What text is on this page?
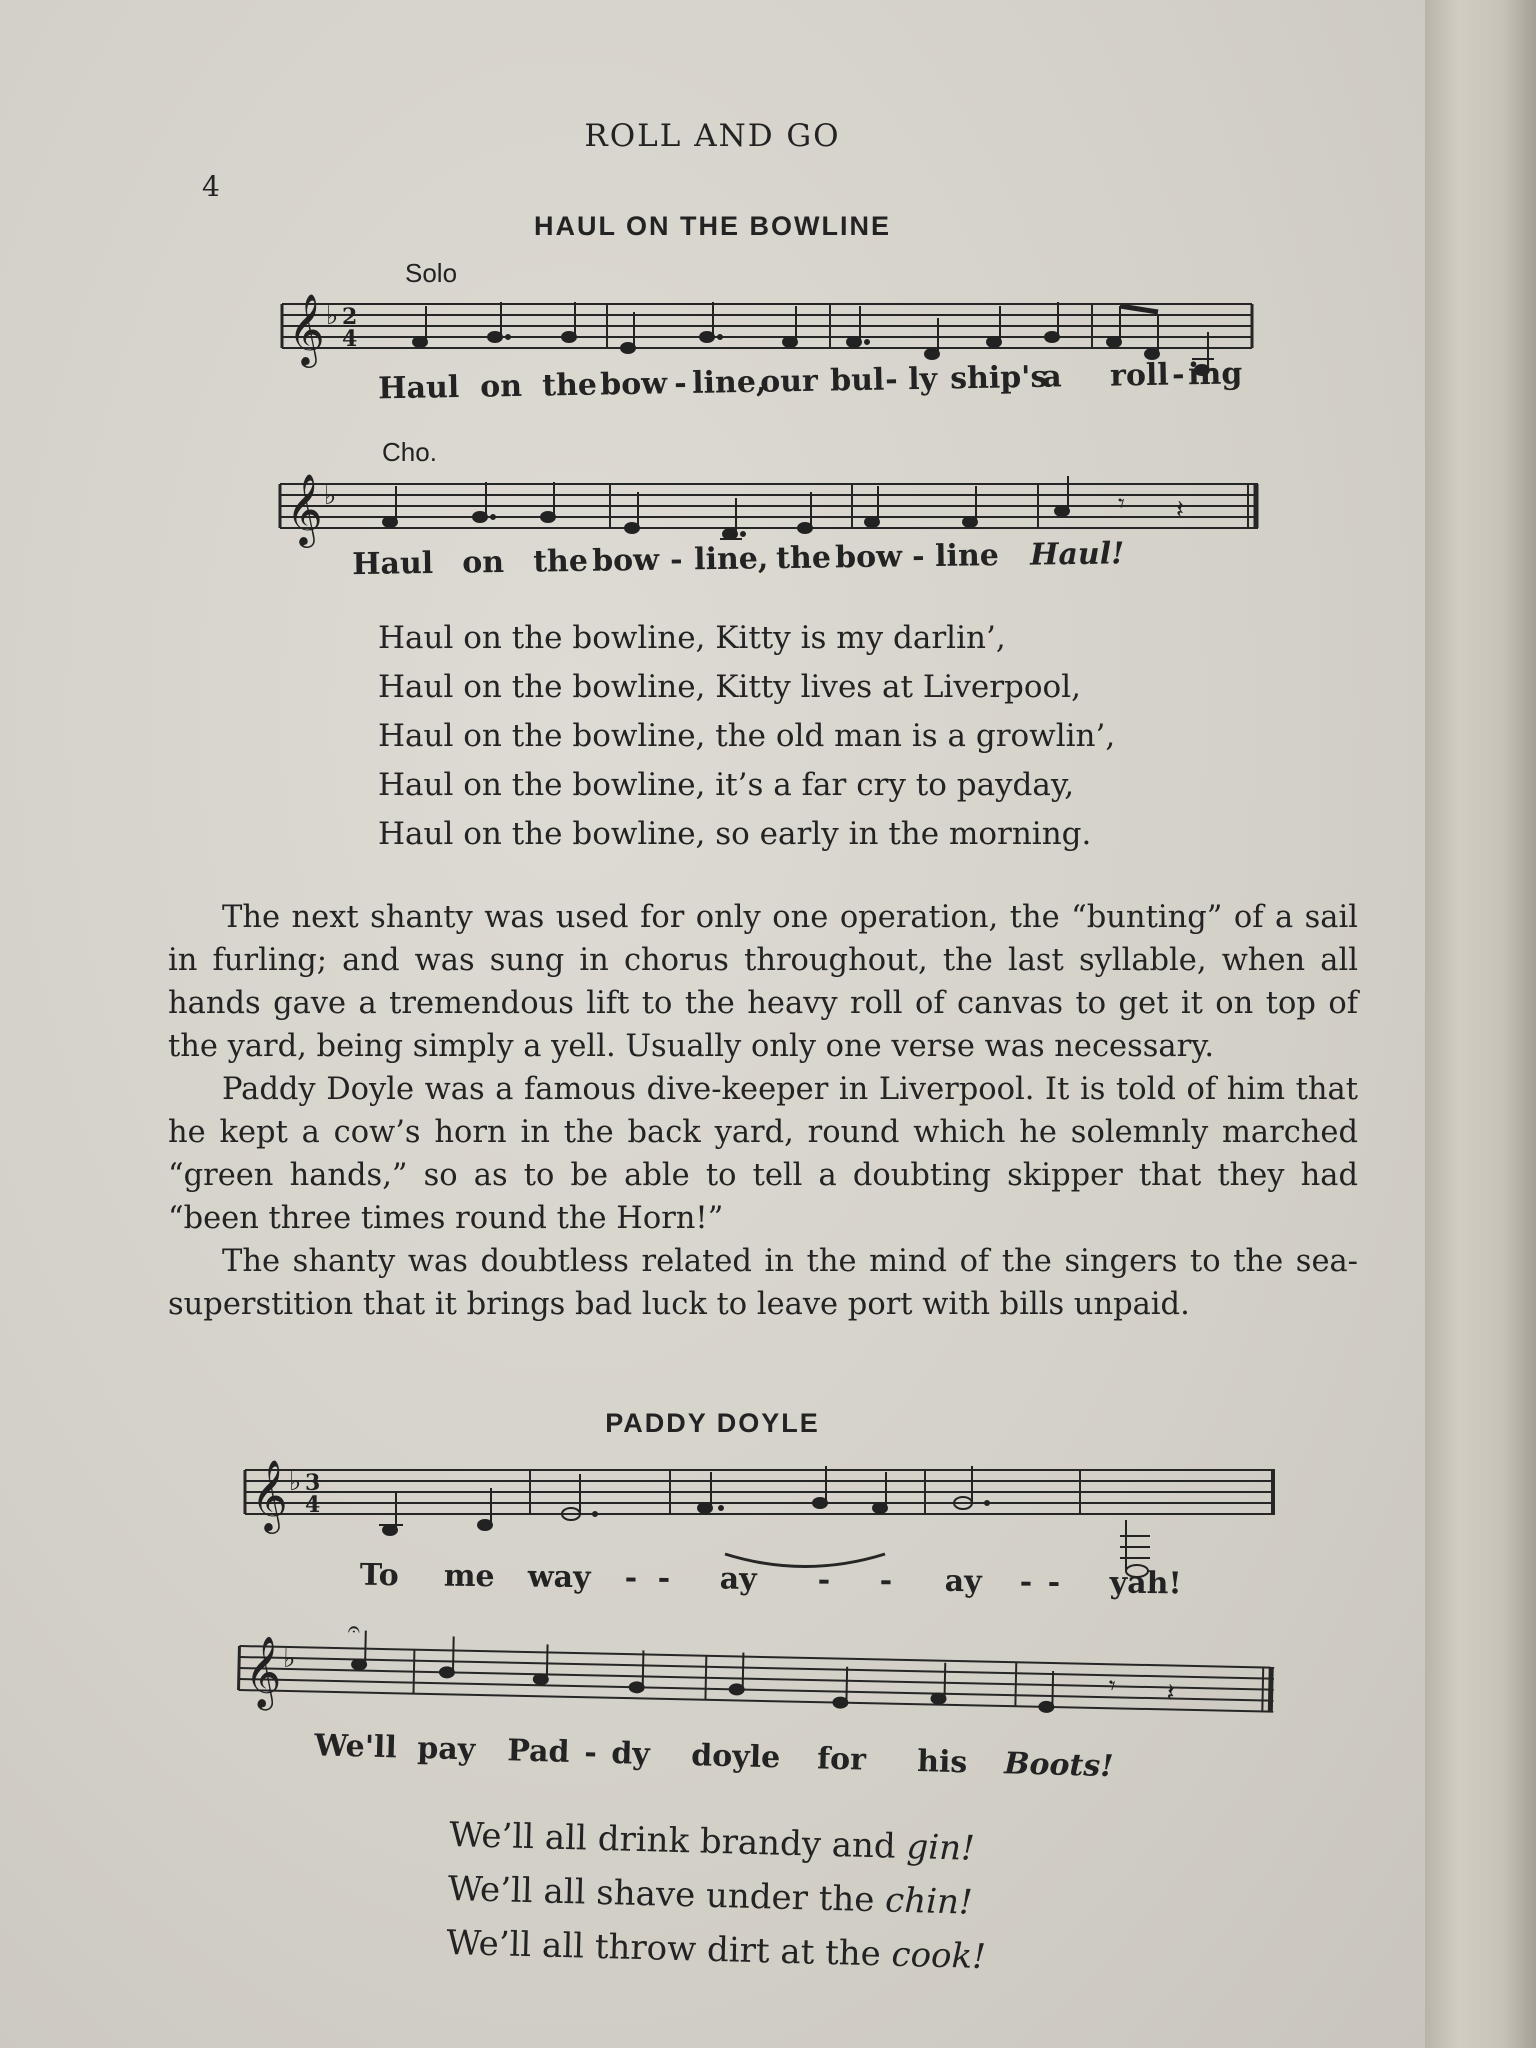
ROLL AND GO
4
HAUL ON THE BOWLINE
Solo
𝄞 ♭ 2
4
Haul on the bow - line,
our bul - ly ship's
a roll - ing
Cho.
𝄞 ♭	𝄾 𝄽
Haul on the bow - line, the bow - line Haul!
Haul on the bowline, Kitty is my darlin’,
Haul on the bowline, Kitty lives at Liverpool,
Haul on the bowline, the old man is a growlin’,
Haul on the bowline, it’s a far cry to payday,
Haul on the bowline, so early in the morning.

The next shanty was used for only one operation, the “bunting” of a sail in furling; and was sung in chorus throughout, the last syllable, when all hands gave a tremendous lift to the heavy roll of canvas to get it on top of the yard, being simply a yell. Usually only one verse was necessary.

Paddy Doyle was a famous dive-keeper in Liverpool. It is told of him that he kept a cow’s horn in the back yard, round which he solemnly marched “green hands,” so as to be able to tell a doubting skipper that they had “been three times round the Horn!”

The shanty was doubtless related in the mind of the singers to the sea-superstition that it brings bad luck to leave port with bills unpaid.

PADDY DOYLE
𝄞 ♭ 3
4
To me way - - ay - - ay - - yah!
𝄞 ♭
𝄐
𝄾 𝄽
We'll pay Pad - dy doyle for his Boots!
We’ll all drink brandy and gin!
We’ll all shave under the chin!
We’ll all throw dirt at the cook!
